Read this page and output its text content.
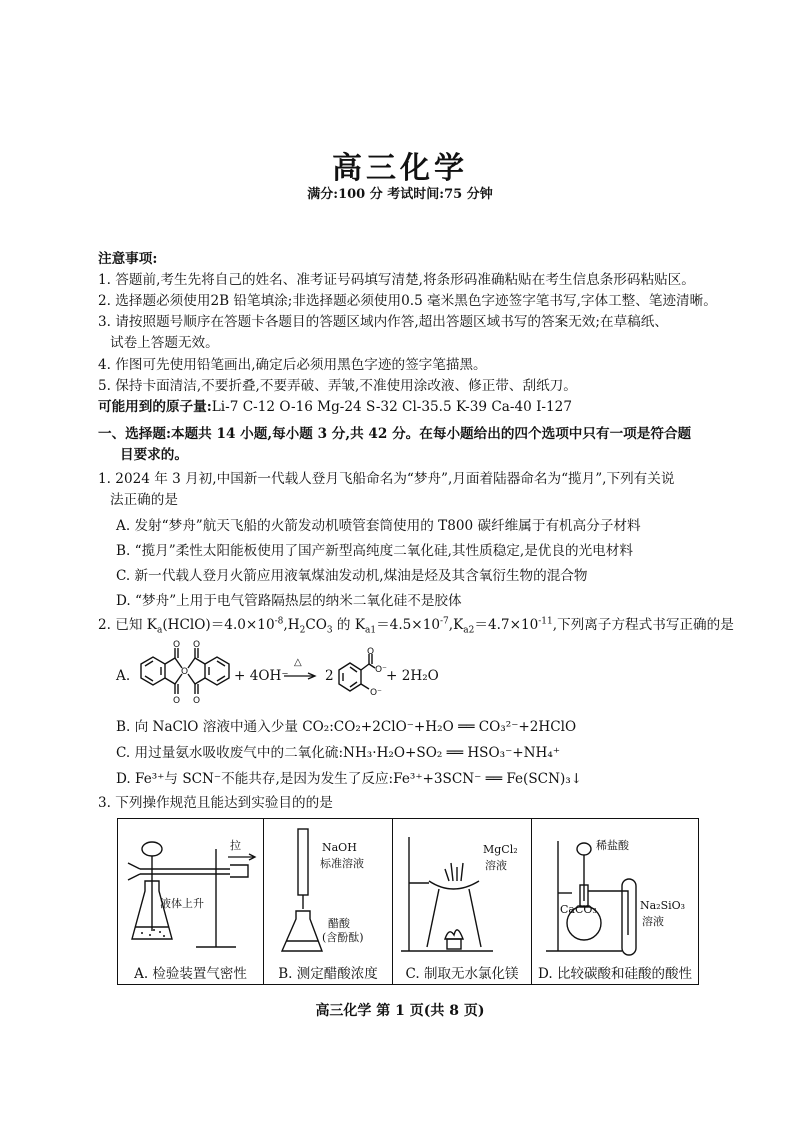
高三化学
满分:100 分 考试时间:75 分钟
注意事项:
1. 答题前,考生先将自己的姓名、准考证号码填写清楚,将条形码准确粘贴在考生信息条形码粘贴区。
2. 选择题必须使用2B 铅笔填涂;非选择题必须使用0.5 毫米黑色字迹签字笔书写,字体工整、笔迹清晰。
3. 请按照题号顺序在答题卡各题目的答题区域内作答,超出答题区域书写的答案无效;在草稿纸、
试卷上答题无效。
4. 作图可先使用铅笔画出,确定后必须用黑色字迹的签字笔描黑。
5. 保持卡面清洁,不要折叠,不要弄破、弄皱,不准使用涂改液、修正带、刮纸刀。
可能用到的原子量:Li-7 C-12 O-16 Mg-24 S-32 Cl-35.5 K-39 Ca-40 I-127
一、选择题:本题共 14 小题,每小题 3 分,共 42 分。在每小题给出的四个选项中只有一项是符合题
目要求的。
1. 2024 年 3 月初,中国新一代载人登月飞船命名为“梦舟”,月面着陆器命名为“揽月”,下列有关说
法正确的是
A. 发射“梦舟”航天飞船的火箭发动机喷管套筒使用的 T800 碳纤维属于有机高分子材料
B. “揽月”柔性太阳能板使用了国产新型高纯度二氧化硅,其性质稳定,是优良的光电材料
C. 新一代载人登月火箭应用液氧煤油发动机,煤油是烃及其含氧衍生物的混合物
D. “梦舟”上用于电气管路隔热层的纳米二氧化硅不是胶体
2. 已知 $K_a(HClO)=4.0\times 10^{-8},H_2CO_3$ 的 $K_{a1}=4.5\times 10^{-7},K_{a2}=4.7\times 10^{-11}$,下列离子方程式书写正确的是
A.
O
O
O
O
O
+ 4OH⁻
△
→ 2
O
O⁻
O⁻
+ 2H₂O
B. 向 NaClO 溶液中通入少量 CO₂:CO₂+2ClO⁻+H₂O ══ CO₃²⁻+2HClO
C. 用过量氨水吸收废气中的二氧化硫:NH₃·H₂O+SO₂ ══ HSO₃⁻+NH₄⁺
D. Fe³⁺与 SCN⁻不能共存,是因为发生了反应:Fe³⁺+3SCN⁻ ══ Fe(SCN)₃↓
3. 下列操作规范且能达到实验目的的是
拉
液体上升
A. 检验装置气密性

NaOH
标准溶液
醋酸
(含酚酞)
B. 测定醋酸浓度

MgCl₂
溶液
C. 制取无水氯化镁

稀盐酸
CaCO₃	Na₂SiO₃
溶液
D. 比较碳酸和硅酸的酸性
高三化学 第 1 页(共 8 页)
